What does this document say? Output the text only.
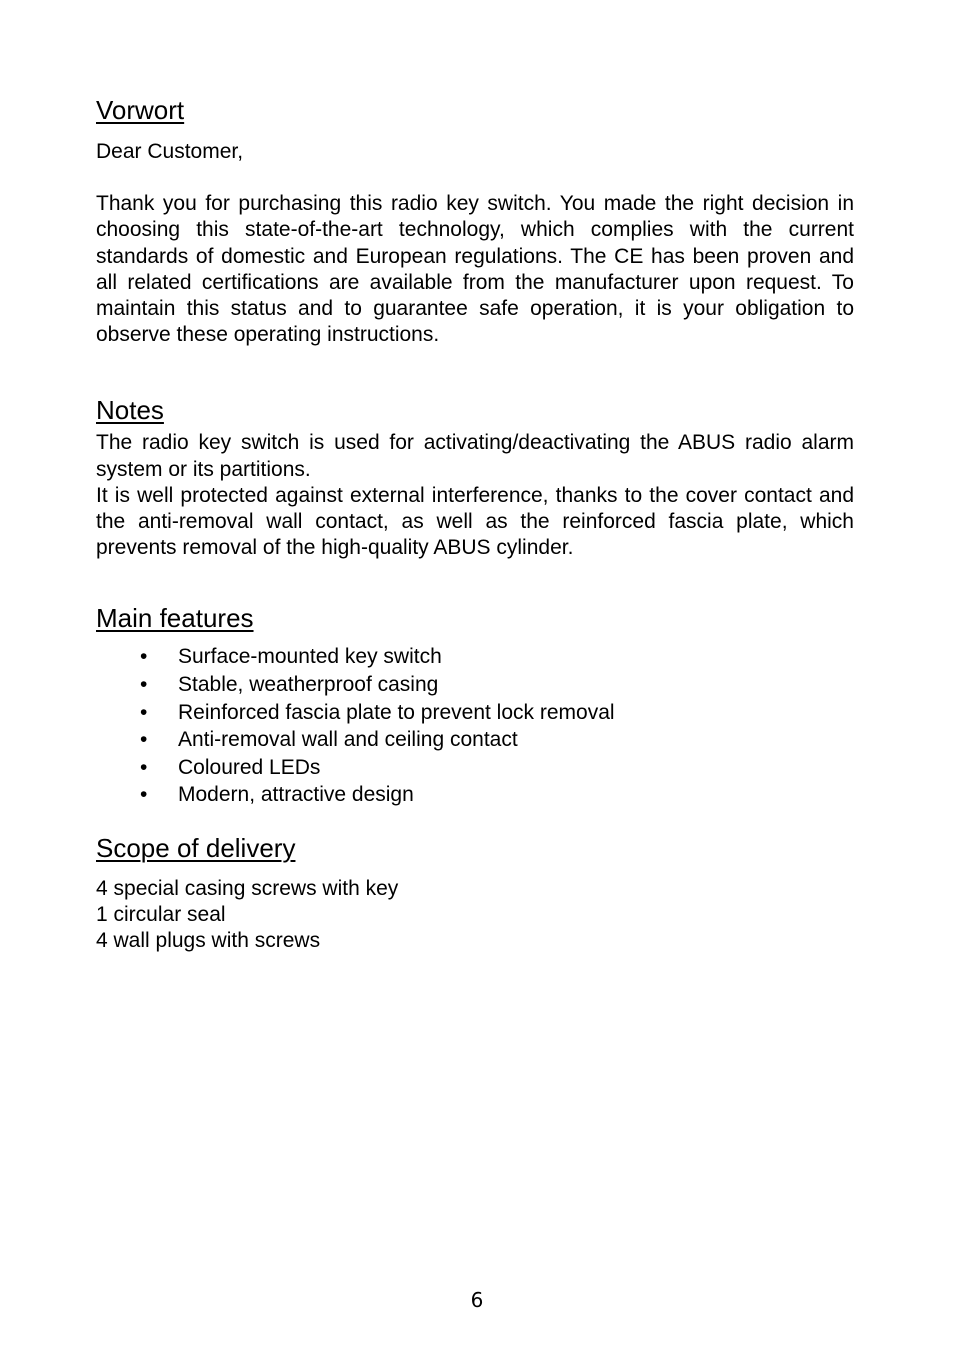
Vorwort

Dear Customer,

Thank you for purchasing this radio key switch. You made the right decision in choosing this state-of-the-art technology, which complies with the current standards of domestic and European regulations. The CE has been proven and all related certifications are available from the manufacturer upon request. To maintain this status and to guarantee safe operation, it is your obligation to observe these operating instructions.

Notes

The radio key switch is used for activating/deactivating the ABUS radio alarm system or its partitions.

It is well protected against external interference, thanks to the cover contact and the anti-removal wall contact, as well as the reinforced fascia plate, which prevents removal of the high-quality ABUS cylinder.

Main features
• Surface-mounted key switch
• Stable, weatherproof casing
• Reinforced fascia plate to prevent lock removal
• Anti-removal wall and ceiling contact
• Coloured LEDs
• Modern, attractive design
Scope of delivery

4 special casing screws with key

1 circular seal

4 wall plugs with screws

6
